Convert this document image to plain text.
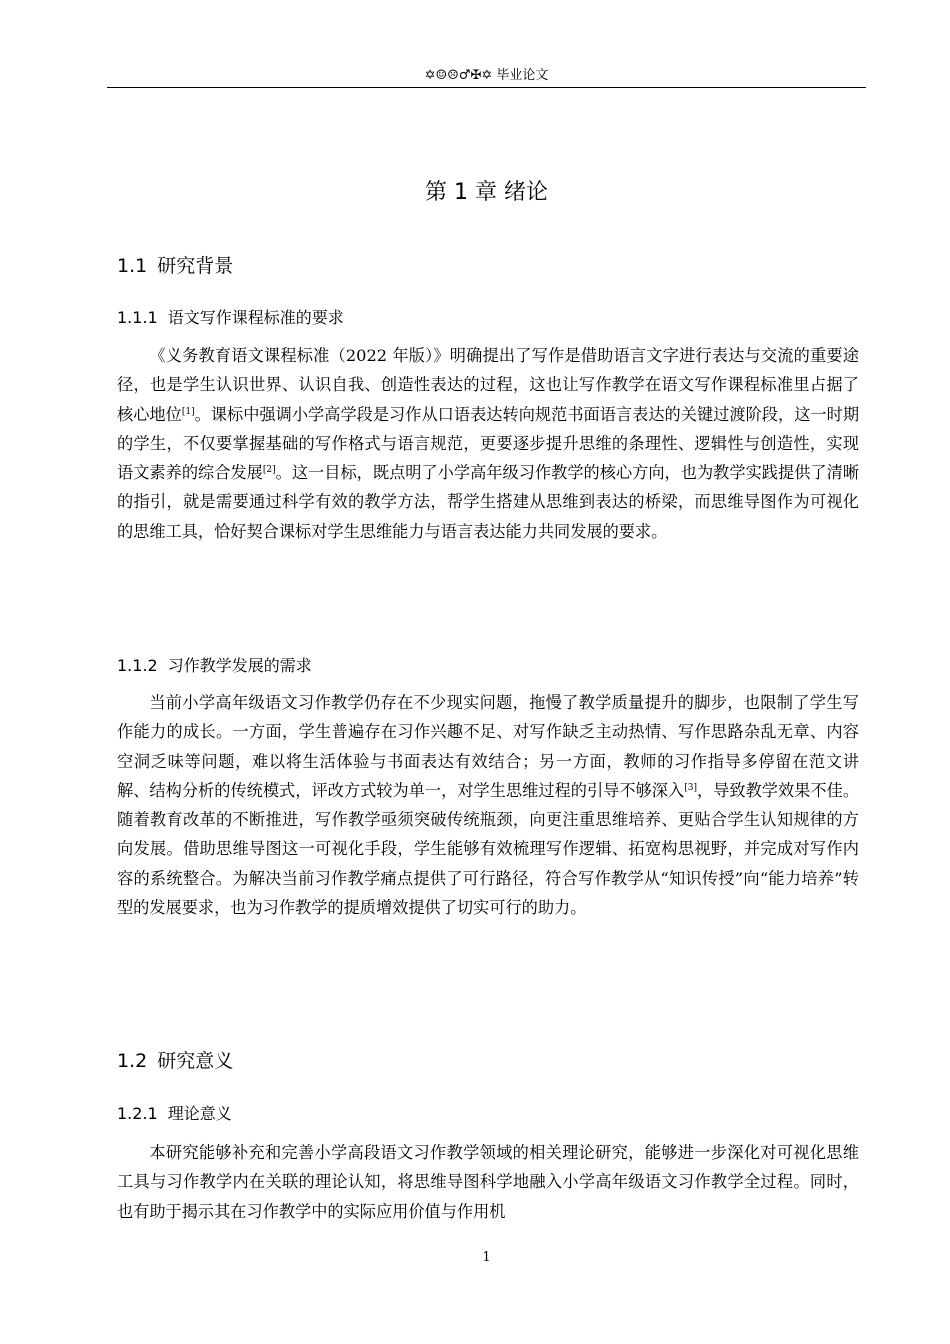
✡☺☹♂✠✡ 毕业论文
第 1 章 绪论
1.1 研究背景
1.1.1 语文写作课程标准的要求
《义务教育语文课程标准（2022 年版）》明确提出了写作是借助语言文字进行表达与交流的重要途径，也是学生认识世界、认识自我、创造性表达的过程，这也让写作教学在语文写作课程标准里占据了核心地位[1]。课标中强调小学高学段是习作从口语表达转向规范书面语言表达的关键过渡阶段，这一时期的学生，不仅要掌握基础的写作格式与语言规范，更要逐步提升思维的条理性、逻辑性与创造性，实现语文素养的综合发展[2]。这一目标，既点明了小学高年级习作教学的核心方向，也为教学实践提供了清晰的指引，就是需要通过科学有效的教学方法，帮学生搭建从思维到表达的桥梁，而思维导图作为可视化的思维工具，恰好契合课标对学生思维能力与语言表达能力共同发展的要求。
1.1.2 习作教学发展的需求
当前小学高年级语文习作教学仍存在不少现实问题，拖慢了教学质量提升的脚步，也限制了学生写作能力的成长。一方面，学生普遍存在习作兴趣不足、对写作缺乏主动热情、写作思路杂乱无章、内容空洞乏味等问题，难以将生活体验与书面表达有效结合；另一方面，教师的习作指导多停留在范文讲解、结构分析的传统模式，评改方式较为单一，对学生思维过程的引导不够深入[3]，导致教学效果不佳。随着教育改革的不断推进，写作教学亟须突破传统瓶颈，向更注重思维培养、更贴合学生认知规律的方向发展。借助思维导图这一可视化手段，学生能够有效梳理写作逻辑、拓宽构思视野，并完成对写作内容的系统整合。为解决当前习作教学痛点提供了可行路径，符合写作教学从“知识传授”向“能力培养”转型的发展要求，也为习作教学的提质增效提供了切实可行的助力。
1.2 研究意义
1.2.1 理论意义
本研究能够补充和完善小学高段语文习作教学领域的相关理论研究，能够进一步深化对可视化思维工具与习作教学内在关联的理论认知，将思维导图科学地融入小学高年级语文习作教学全过程。同时，也有助于揭示其在习作教学中的实际应用价值与作用机
1
